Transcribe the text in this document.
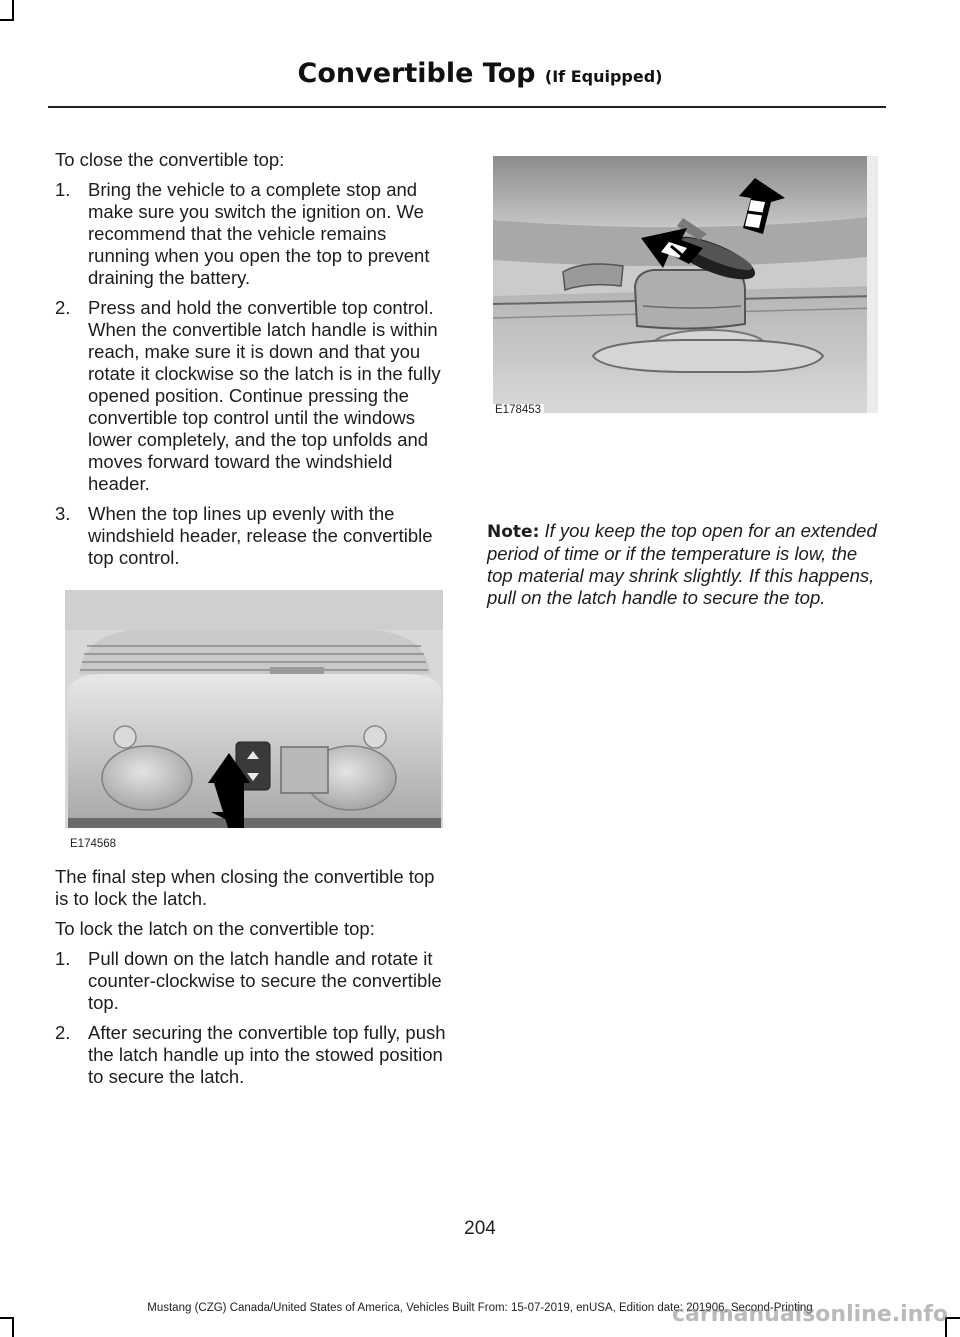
Convertible Top (If Equipped)

To close the convertible top:

1. Bring the vehicle to a complete stop and make sure you switch the ignition on. We recommend that the vehicle remains running when you open the top to prevent draining the battery.
2. Press and hold the convertible top control. When the convertible latch handle is within reach, make sure it is down and that you rotate it clockwise so the latch is in the fully opened position. Continue pressing the convertible top control until the windows lower completely, and the top unfolds and moves forward toward the windshield header.
3. When the top lines up evenly with the windshield header, release the convertible top control.
E174568

The final step when closing the convertible top is to lock the latch.

To lock the latch on the convertible top:

1. Pull down on the latch handle and rotate it counter-clockwise to secure the convertible top.
2. After securing the convertible top fully, push the latch handle up into the stowed position to secure the latch.
E178453

Note: If you keep the top open for an extended period of time or if the temperature is low, the top material may shrink slightly. If this happens, pull on the latch handle to secure the top.

204
Mustang (CZG) Canada/United States of America, Vehicles Built From: 15-07-2019, enUSA, Edition date: 201906, Second-Printing
carmanualsonline.info
